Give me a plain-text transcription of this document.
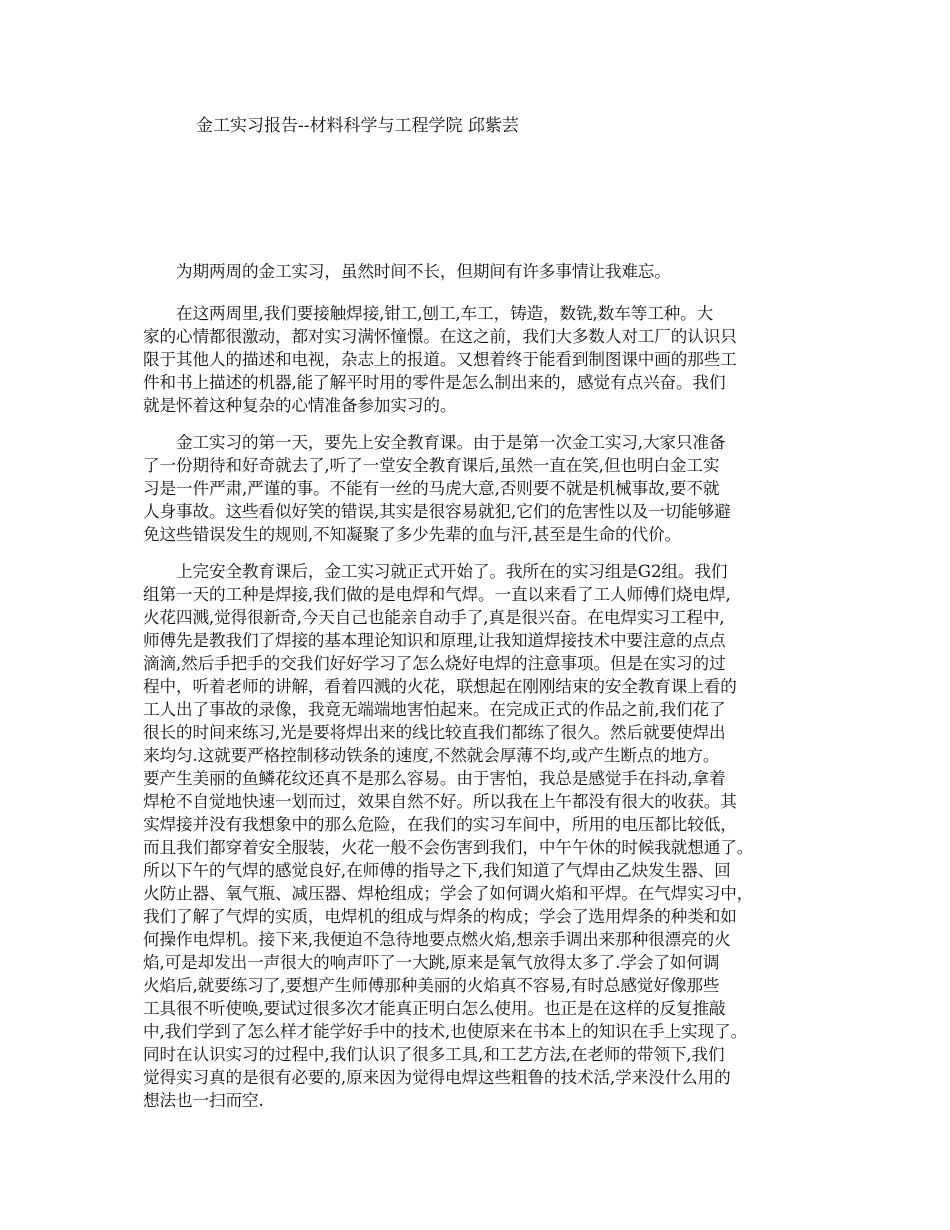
金工实习报告--材料科学与工程学院 邱紫芸
　　为期两周的金工实习，虽然时间不长，但期间有许多事情让我难忘。
　　在这两周里,我们要接触焊接,钳工,刨工,车工，铸造，数铣,数车等工种。大
家的心情都很激动，都对实习满怀憧憬。在这之前，我们大多数人对工厂的认识只
限于其他人的描述和电视，杂志上的报道。又想着终于能看到制图课中画的那些工
件和书上描述的机器,能了解平时用的零件是怎么制出来的，感觉有点兴奋。我们
就是怀着这种复杂的心情准备参加实习的。
　　金工实习的第一天，要先上安全教育课。由于是第一次金工实习,大家只准备
了一份期待和好奇就去了,听了一堂安全教育课后,虽然一直在笑,但也明白金工实
习是一件严肃,严谨的事。不能有一丝的马虎大意,否则要不就是机械事故,要不就
人身事故。这些看似好笑的错误,其实是很容易就犯,它们的危害性以及一切能够避
免这些错误发生的规则,不知凝聚了多少先辈的血与汗,甚至是生命的代价。
　　上完安全教育课后，金工实习就正式开始了。我所在的实习组是G2组。我们
组第一天的工种是焊接,我们做的是电焊和气焊。一直以来看了工人师傅们烧电焊,
火花四溅,觉得很新奇,今天自己也能亲自动手了,真是很兴奋。在电焊实习工程中,
师傅先是教我们了焊接的基本理论知识和原理,让我知道焊接技术中要注意的点点
滴滴,然后手把手的交我们好好学习了怎么烧好电焊的注意事项。但是在实习的过
程中，听着老师的讲解，看着四溅的火花，联想起在刚刚结束的安全教育课上看的
工人出了事故的录像，我竟无端端地害怕起来。在完成正式的作品之前,我们花了
很长的时间来练习,光是要将焊出来的线比较直我们都练了很久。然后就要使焊出
来均匀.这就要严格控制移动铁条的速度,不然就会厚薄不均,或产生断点的地方。
要产生美丽的鱼鳞花纹还真不是那么容易。由于害怕，我总是感觉手在抖动,拿着
焊枪不自觉地快速一划而过，效果自然不好。所以我在上午都没有很大的收获。其
实焊接并没有我想象中的那么危险，在我们的实习车间中，所用的电压都比较低，
而且我们都穿着安全服装，火花一般不会伤害到我们，中午午休的时候我就想通了。
所以下午的气焊的感觉良好,在师傅的指导之下,我们知道了气焊由乙炔发生器、回
火防止器、氧气瓶、减压器、焊枪组成；学会了如何调火焰和平焊。在气焊实习中，
我们了解了气焊的实质，电焊机的组成与焊条的构成；学会了选用焊条的种类和如
何操作电焊机。接下来,我便迫不急待地要点燃火焰,想亲手调出来那种很漂亮的火
焰,可是却发出一声很大的响声吓了一大跳,原来是氧气放得太多了.学会了如何调
火焰后,就要练习了,要想产生师傅那种美丽的火焰真不容易,有时总感觉好像那些
工具很不听使唤,要试过很多次才能真正明白怎么使用。也正是在这样的反复推敲
中,我们学到了怎么样才能学好手中的技术,也使原来在书本上的知识在手上实现了。
同时在认识实习的过程中,我们认识了很多工具,和工艺方法,在老师的带领下,我们
觉得实习真的是很有必要的,原来因为觉得电焊这些粗鲁的技术活,学来没什么用的
想法也一扫而空.
